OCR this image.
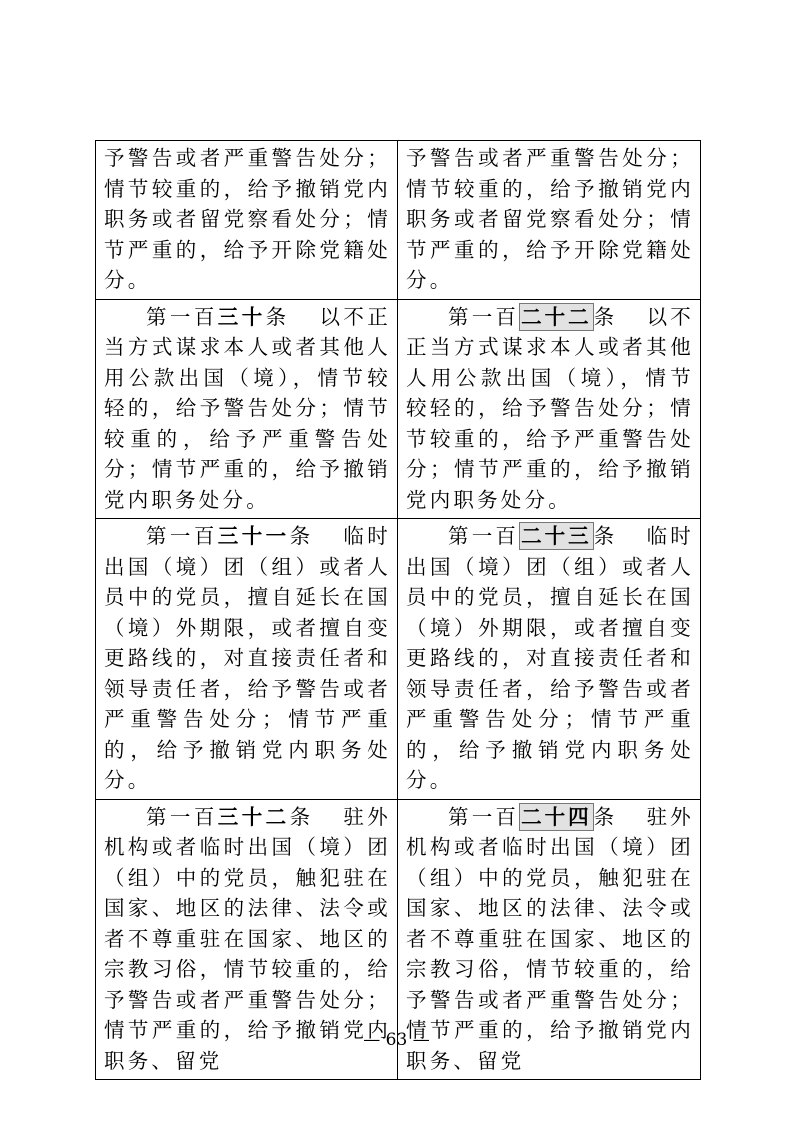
予警告或者严重警告处分；情节较重的，给予撤销党内职务或者留党察看处分；情节严重的，给予开除党籍处分。	予警告或者严重警告处分；情节较重的，给予撤销党内职务或者留党察看处分；情节严重的，给予开除党籍处分。
第一百三十条 以不正当方式谋求本人或者其他人用公款出国（境），情节较轻的，给予警告处分；情节较重的，给予严重警告处分；情节严重的，给予撤销党内职务处分。	第一百二十二条 以不正当方式谋求本人或者其他人用公款出国（境），情节较轻的，给予警告处分；情节较重的，给予严重警告处分；情节严重的，给予撤销党内职务处分。
第一百三十一条 临时出国（境）团（组）或者人员中的党员，擅自延长在国（境）外期限，或者擅自变更路线的，对直接责任者和领导责任者，给予警告或者严重警告处分；情节严重的，给予撤销党内职务处分。	第一百二十三条 临时出国（境）团（组）或者人员中的党员，擅自延长在国（境）外期限，或者擅自变更路线的，对直接责任者和领导责任者，给予警告或者严重警告处分；情节严重的，给予撤销党内职务处分。
第一百三十二条 驻外机构或者临时出国（境）团（组）中的党员，触犯驻在国家、地区的法律、法令或者不尊重驻在国家、地区的宗教习俗，情节较重的，给予警告或者严重警告处分；情节严重的，给予撤销党内职务、留党	第一百二十四条 驻外机构或者临时出国（境）团（组）中的党员，触犯驻在国家、地区的法律、法令或者不尊重驻在国家、地区的宗教习俗，情节较重的，给予警告或者严重警告处分；情节严重的，给予撤销党内职务、留党
— 63 —
